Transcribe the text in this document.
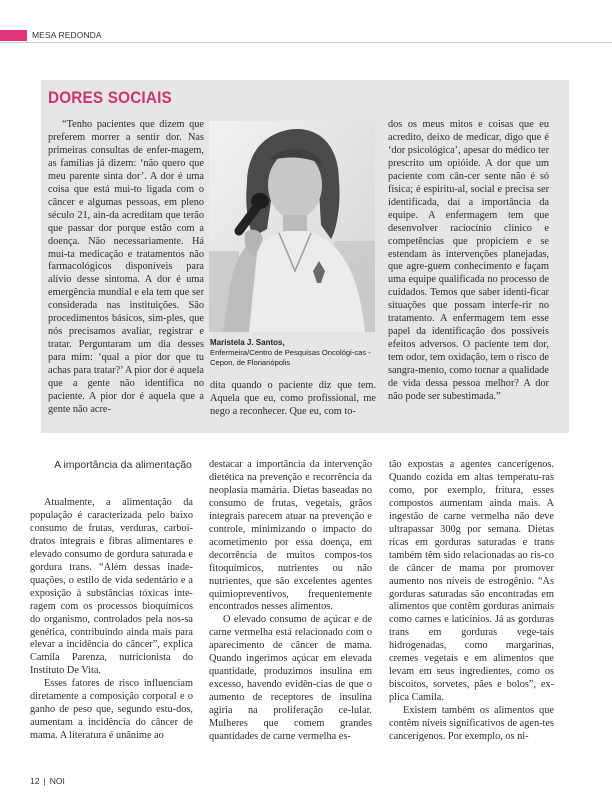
MESA REDONDA
DORES SOCIAIS

“Tenho pacientes que dizem que preferem morrer a sentir dor. Nas primeiras consultas de enfer-magem, as famílias já dizem: ‘não quero que meu parente sinta dor’. A dor é uma coisa que está mui-to ligada com o câncer e algumas pessoas, em pleno século 21, ain-da acreditam que terão que passar dor porque estão com a doença. Não necessariamente. Há mui-ta medicação e tratamentos não farmacológicos disponíveis para alívio desse sintoma. A dor é uma emergência mundial e ela tem que ser considerada nas instituições. São procedimentos básicos, sim-ples, que nós precisamos avaliar, registrar e tratar. Perguntaram um dia desses para mim: ‘qual a pior dor que tu achas para tratar?’ A pior dor é aquela que a gente não identifica no paciente. A pior dor é aquela que a gente não acre-

Maristela J. Santos,
Enfermeira/Centro de Pesquisas Oncológi-cas - Cepon, de Florianópolis

dita quando o paciente diz que tem. Aquela que eu, como profissional, me nego a reconhecer. Que eu, com to-

dos os meus mitos e coisas que eu acredito, deixo de medicar, digo que é ‘dor psicológica’, apesar do médico ter prescrito um opióide. A dor que um paciente com cân-cer sente não é só física; é espiritu-al, social e precisa ser identificada, daí a importância da equipe. A enfermagem tem que desenvolver raciocínio clínico e competências que propiciem e se estendam às intervenções planejadas, que agre-guem conhecimento e façam uma equipe qualificada no processo de cuidados. Temos que saber identi-ficar situações que possam interfe-rir no tratamento. A enfermagem tem esse papel da identificação dos possíveis efeitos adversos. O paciente tem dor, tem odor, tem oxidação, tem o risco de sangra-mento, como tornar a qualidade de vida dessa pessoa melhor? A dor não pode ser subestimada.”

A importância da alimentação

Atualmente, a alimentação da população é caracterizada pelo baixo consumo de frutas, verduras, carboi-dratos integrais e fibras alimentares e elevado consumo de gordura saturada e gordura trans. “Além dessas inade-quações, o estilo de vida sedentário e a exposição à substâncias tóxicas inte-ragem com os processos bioquímicos do organismo, controlados pela nos-sa genética, contribuindo ainda mais para elevar a incidência do câncer”, explica Camila Parenza, nutricionista do Instituto De Vita.

Esses fatores de risco influenciam diretamente a composição corporal e o ganho de peso que, segundo estu-dos, aumentam a incidência do câncer de mama. A literatura é unânime ao

destacar a importância da intervenção dietética na prevenção e recorrência da neoplasia mamária. Dietas baseadas no consumo de frutas, vegetais, grãos integrais parecem atuar na prevenção e controle, minimizando o impacto do acometimento por essa doença, em decorrência de muitos compos-tos fitoquímicos, nutrientes ou não nutrientes, que são excelentes agentes quimiopreventivos, frequentemente encontrados nesses alimentos.

O elevado consumo de açúcar e de carne vermelha está relacionado com o aparecimento de câncer de mama. Quando ingerimos açúcar em elevada quantidade, produzimos insulina em excesso, havendo evidên-cias de que o aumento de receptores de insulina agiria na proliferação ce-lular. Mulheres que comem grandes quantidades de carne vermelha es-

tão expostas a agentes cancerígenos. Quando cozida em altas temperatu-ras como, por exemplo, fritura, esses compostos aumentam ainda mais. A ingestão de carne vermelha não deve ultrapassar 300g por semana. Dietas ricas em gorduras saturadas e trans também têm sido relacionadas ao ris-co de câncer de mama por promover aumento nos níveis de estrogênio. “As gorduras saturadas são encontradas em alimentos que contêm gorduras animais como carnes e laticínios. Já as gorduras trans em gorduras vege-tais hidrogenadas, como margarinas, cremes vegetais e em alimentos que levam em seus ingredientes, como os biscoitos, sorvetes, pães e bolos”, ex-plica Camila.

Existem também os alimentos que contêm níveis significativos de agen-tes cancerígenos. Por exemplo, os ni-

12 | NOI
